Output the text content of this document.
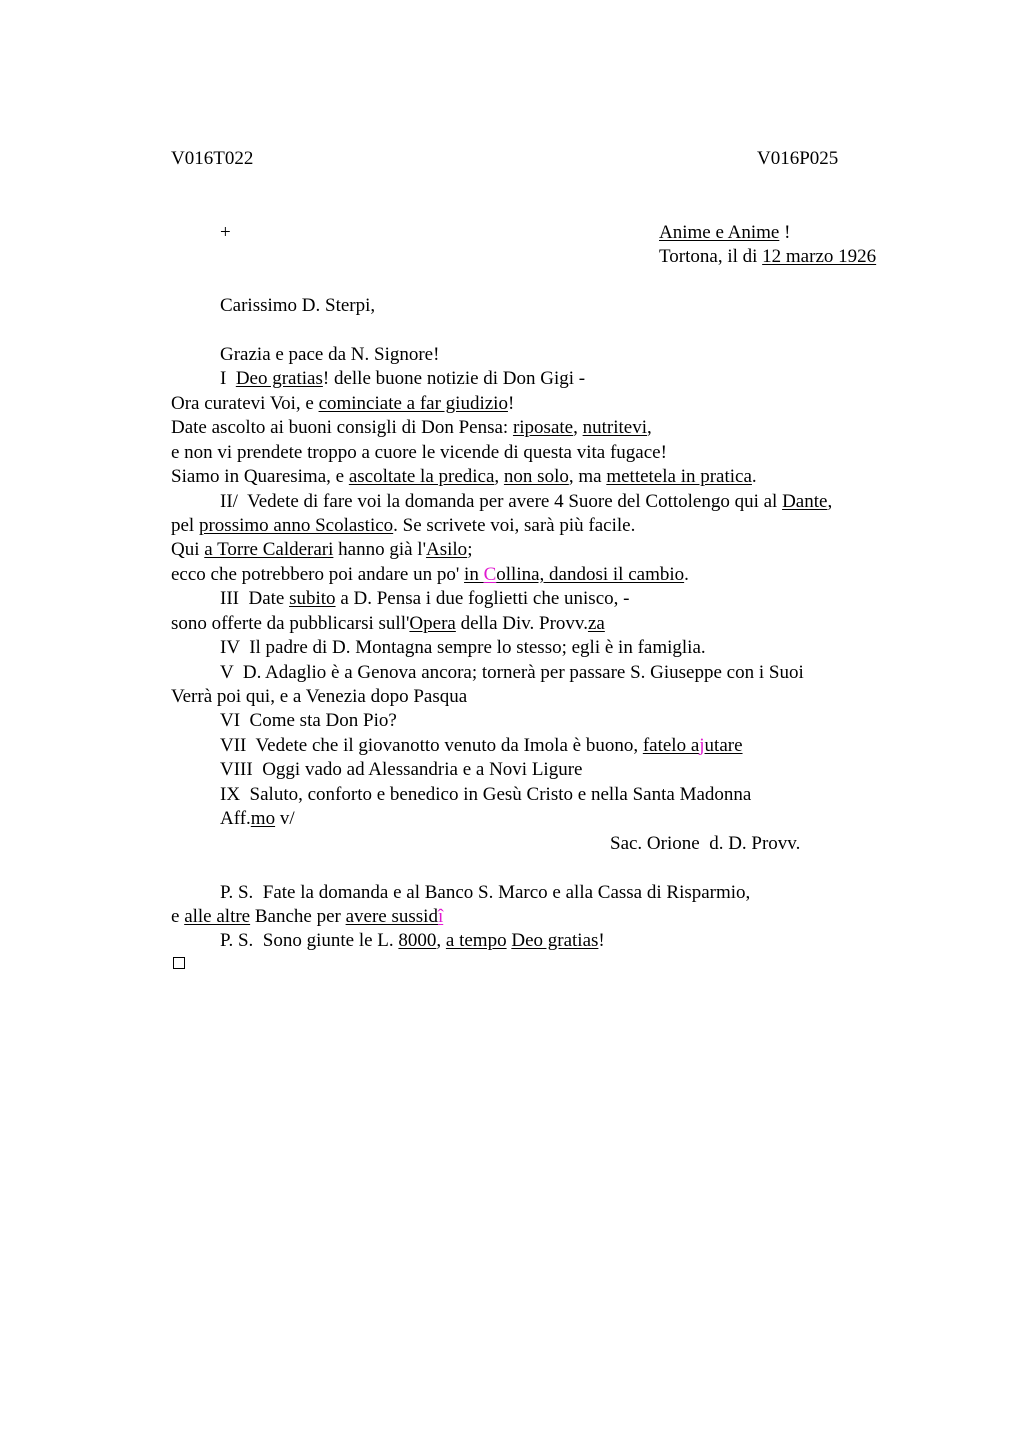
V016T022	V016P025
+	Anime e Anime !
Tortona, il di 12 marzo 1926
Carissimo D. Sterpi,
Grazia e pace da N. Signore!
I  Deo gratias! delle buone notizie di Don Gigi -
Ora curatevi Voi, e cominciate a far giudizio!
Date ascolto ai buoni consigli di Don Pensa: riposate, nutritevi,
e non vi prendete troppo a cuore le vicende di questa vita fugace!
Siamo in Quaresima, e ascoltate la predica, non solo, ma mettetela in pratica.
II/  Vedete di fare voi la domanda per avere 4 Suore del Cottolengo qui al Dante,
pel prossimo anno Scolastico. Se scrivete voi, sarà più facile.
Qui a Torre Calderari hanno già l'Asilo;
ecco che potrebbero poi andare un po' in Collina, dandosi il cambio.
III  Date subito a D. Pensa i due foglietti che unisco, -
sono offerte da pubblicarsi sull'Opera della Div. Provv.za
IV  Il padre di D. Montagna sempre lo stesso; egli è in famiglia.
V  D. Adaglio è a Genova ancora; tornerà per passare S. Giuseppe con i Suoi
Verrà poi qui, e a Venezia dopo Pasqua
VI  Come sta Don Pio?
VII  Vedete che il giovanotto venuto da Imola è buono, fatelo ajutare
VIII  Oggi vado ad Alessandria e a Novi Ligure
IX  Saluto, conforto e benedico in Gesù Cristo e nella Santa Madonna
Aff.mo v/
Sac. Orione  d. D. Provv.
P. S.  Fate la domanda e al Banco S. Marco e alla Cassa di Risparmio,
e alle altre Banche per avere sussidî
P. S.  Sono giunte le L. 8000, a tempo Deo gratias!
